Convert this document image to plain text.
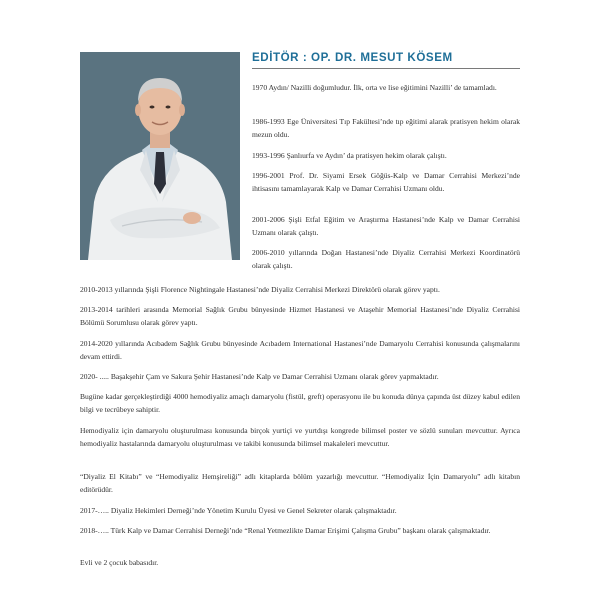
EDİTÖR : OP. DR. MESUT KÖSEM

1970 Aydın/ Nazilli doğumludur. İlk, orta ve lise eğitimini Nazilli’ de tamamladı.

1986-1993 Ege Üniversitesi Tıp Fakültesi’nde tıp eğitimi alarak pratisyen hekim olarak mezun oldu.

1993-1996 Şanlıurfa ve Aydın’ da pratisyen hekim olarak çalıştı.

1996-2001 Prof. Dr. Siyami Ersek Göğüs-Kalp ve Damar Cerrahisi Merkezi’nde ihtisasını tamamlayarak Kalp ve Damar Cerrahisi Uzmanı oldu.

2001-2006 Şişli Etfal Eğitim ve Araştırma Hastanesi’nde Kalp ve Damar Cerrahisi Uzmanı olarak çalıştı.

2006-2010 yıllarında Doğan Hastanesi’nde Diyaliz Cerrahisi Merkezi Koordinatörü olarak çalıştı.

2010-2013 yıllarında Şişli Florence Nightingale Hastanesi’nde Diyaliz Cerrahisi Merkezi Direktörü olarak görev yaptı.

2013-2014 tarihleri arasında Memorial Sağlık Grubu bünyesinde Hizmet Hastanesi ve Ataşehir Memorial Hastanesi’nde Diyaliz Cerrahisi Bölümü Sorumlusu olarak görev yaptı.

2014-2020 yıllarında Acıbadem Sağlık Grubu bünyesinde Acıbadem International Hastanesi’nde Damaryolu Cerrahisi konusunda çalışmalarını devam ettirdi.

2020- ..... Başakşehir Çam ve Sakura Şehir Hastanesi’nde Kalp ve Damar Cerrahisi Uzmanı olarak görev yapmaktadır.

Bugüne kadar gerçekleştirdiği 4000 hemodiyaliz amaçlı damaryolu (fistül, greft) operasyonu ile bu konuda dünya çapında üst düzey kabul edilen bilgi ve tecrübeye sahiptir.

Hemodiyaliz için damaryolu oluşturulması konusunda birçok yurtiçi ve yurtdışı kongrede bilimsel poster ve sözlü sunuları mevcuttur. Ayrıca hemodiyaliz hastalarında damaryolu oluşturulması ve takibi konusunda bilimsel makaleleri mevcuttur.

“Diyaliz El Kitabı” ve “Hemodiyaliz Hemşireliği” adlı kitaplarda bölüm yazarlığı mevcuttur. “Hemodiyaliz İçin Damaryolu” adlı kitabın editörüdür.

2017-….. Diyaliz Hekimleri Derneği’nde Yönetim Kurulu Üyesi ve Genel Sekreter olarak çalışmaktadır.

2018-….. Türk Kalp ve Damar Cerrahisi Derneği’nde “Renal Yetmezlikte Damar Erişimi Çalışma Grubu” başkanı olarak çalışmaktadır.

Evli ve 2 çocuk babasıdır.
